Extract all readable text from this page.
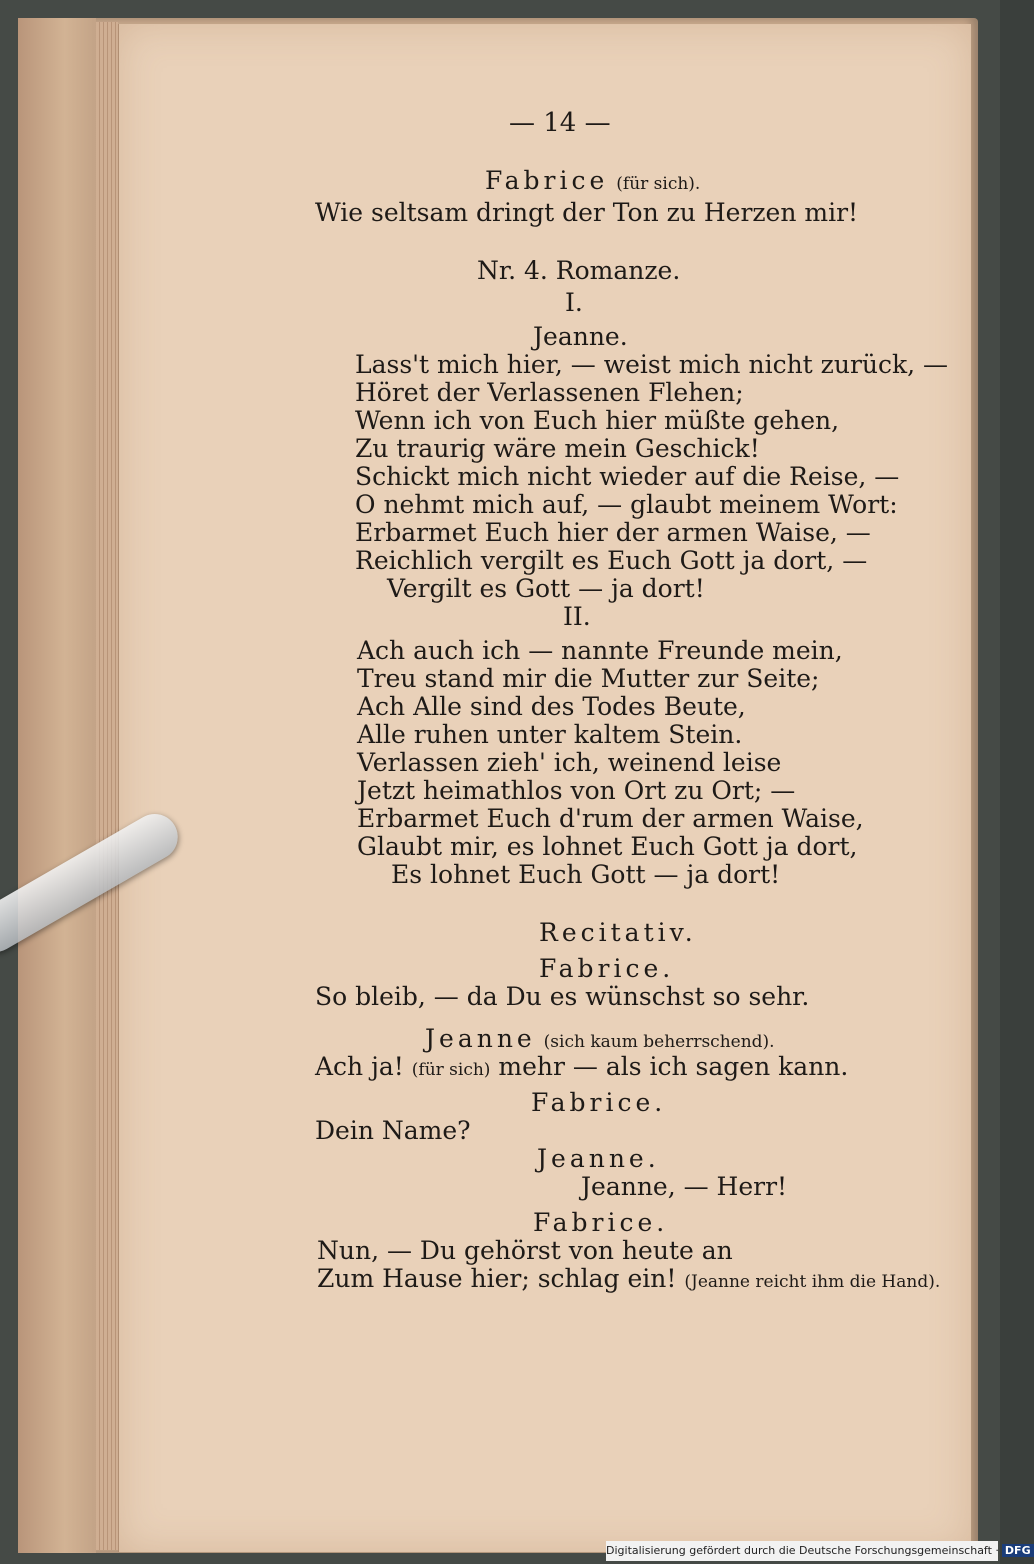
— 14 —
Fabrice (für sich).
Wie seltsam dringt der Ton zu Herzen mir!
Nr. 4. Romanze.
I.
Jeanne.
Lass't mich hier, — weist mich nicht zurück, —
Höret der Verlassenen Flehen;
Wenn ich von Euch hier müßte gehen,
Zu traurig wäre mein Geschick!
Schickt mich nicht wieder auf die Reise, —
O nehmt mich auf, — glaubt meinem Wort:
Erbarmet Euch hier der armen Waise, —
Reichlich vergilt es Euch Gott ja dort, —
Vergilt es Gott — ja dort!
II.
Ach auch ich — nannte Freunde mein,
Treu stand mir die Mutter zur Seite;
Ach Alle sind des Todes Beute,
Alle ruhen unter kaltem Stein.
Verlassen zieh' ich, weinend leise
Jetzt heimathlos von Ort zu Ort; —
Erbarmet Euch d'rum der armen Waise,
Glaubt mir, es lohnet Euch Gott ja dort,
Es lohnet Euch Gott — ja dort!
Recitativ.
Fabrice.
So bleib, — da Du es wünschst so sehr.
Jeanne (sich kaum beherrschend).
Ach ja! (für sich) mehr — als ich sagen kann.
Fabrice.
Dein Name?
Jeanne.
Jeanne, — Herr!
Fabrice.
Nun, — Du gehörst von heute an
Zum Hause hier; schlag ein! (Jeanne reicht ihm die Hand).
Digitalisierung gefördert durch die Deutsche Forschungsgemeinschaft · DFG
